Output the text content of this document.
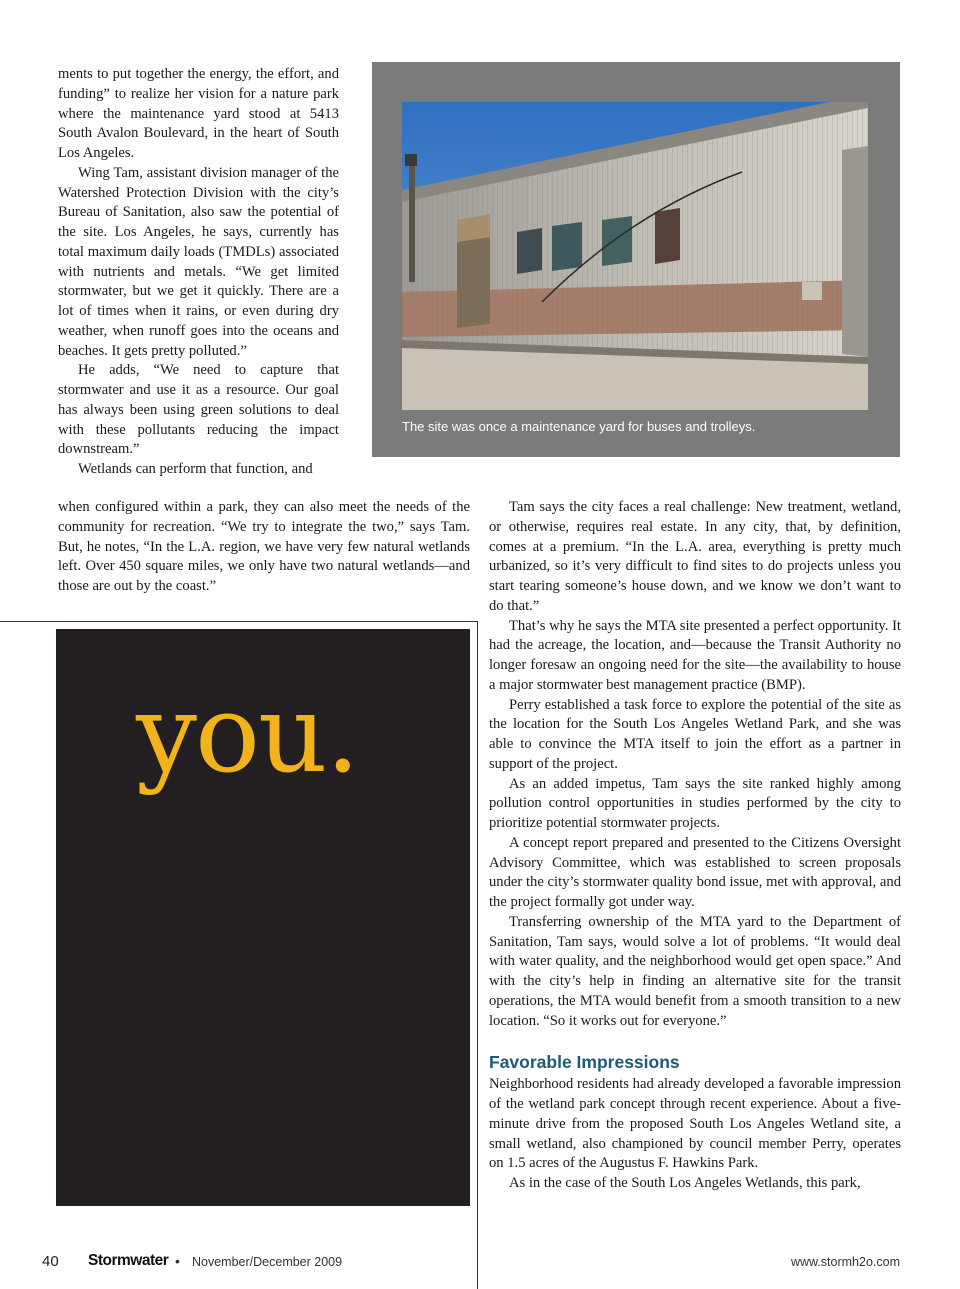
ments to put together the energy, the effort, and funding” to realize her vision for a nature park where the maintenance yard stood at 5413 South Avalon Boulevard, in the heart of South Los Angeles.

Wing Tam, assistant division manager of the Watershed Protection Division with the city’s Bureau of Sanitation, also saw the potential of the site. Los Angeles, he says, currently has total maximum daily loads (TMDLs) associated with nutrients and metals. “We get limited stormwater, but we get it quickly. There are a lot of times when it rains, or even during dry weather, when runoff goes into the oceans and beaches. It gets pretty polluted.”

He adds, “We need to capture that stormwater and use it as a resource. Our goal has always been using green solutions to deal with these pollutants reducing the impact downstream.”

Wetlands can perform that function, and

when configured within a park, they can also meet the needs of the community for recreation. “We try to integrate the two,” says Tam. But, he notes, “In the L.A. region, we have very few natural wetlands left. Over 450 square miles, we only have two natural wetlands—and those are out by the coast.”

The site was once a maintenance yard for buses and trolleys.
you.

Tam says the city faces a real challenge: New treatment, wetland, or otherwise, requires real estate. In any city, that, by definition, comes at a premium. “In the L.A. area, everything is pretty much urbanized, so it’s very difficult to find sites to do projects unless you start tearing someone’s house down, and we know we don’t want to do that.”

That’s why he says the MTA site presented a perfect opportunity. It had the acreage, the location, and—because the Transit Authority no longer foresaw an ongoing need for the site—the availability to house a major stormwater best management practice (BMP).

Perry established a task force to explore the potential of the site as the location for the South Los Angeles Wetland Park, and she was able to convince the MTA itself to join the effort as a partner in support of the project.

As an added impetus, Tam says the site ranked highly among pollution control opportunities in studies performed by the city to prioritize potential stormwater projects.

A concept report prepared and presented to the Citizens Oversight Advisory Committee, which was established to screen proposals under the city’s stormwater quality bond issue, met with approval, and the project formally got under way.

Transferring ownership of the MTA yard to the Department of Sanitation, Tam says, would solve a lot of problems. “It would deal with water quality, and the neighborhood would get open space.” And with the city’s help in finding an alternative site for the transit operations, the MTA would benefit from a smooth transition to a new location. “So it works out for everyone.”

Favorable Impressions

Neighborhood residents had already developed a favorable impression of the wetland park concept through recent experience. About a five-minute drive from the proposed South Los Angeles Wetland site, a small wetland, also championed by council member Perry, operates on 1.5 acres of the Augustus F. Hawkins Park.

As in the case of the South Los Angeles Wetlands, this park,

40 Stormwater • November/December 2009	www.stormh2o.com
